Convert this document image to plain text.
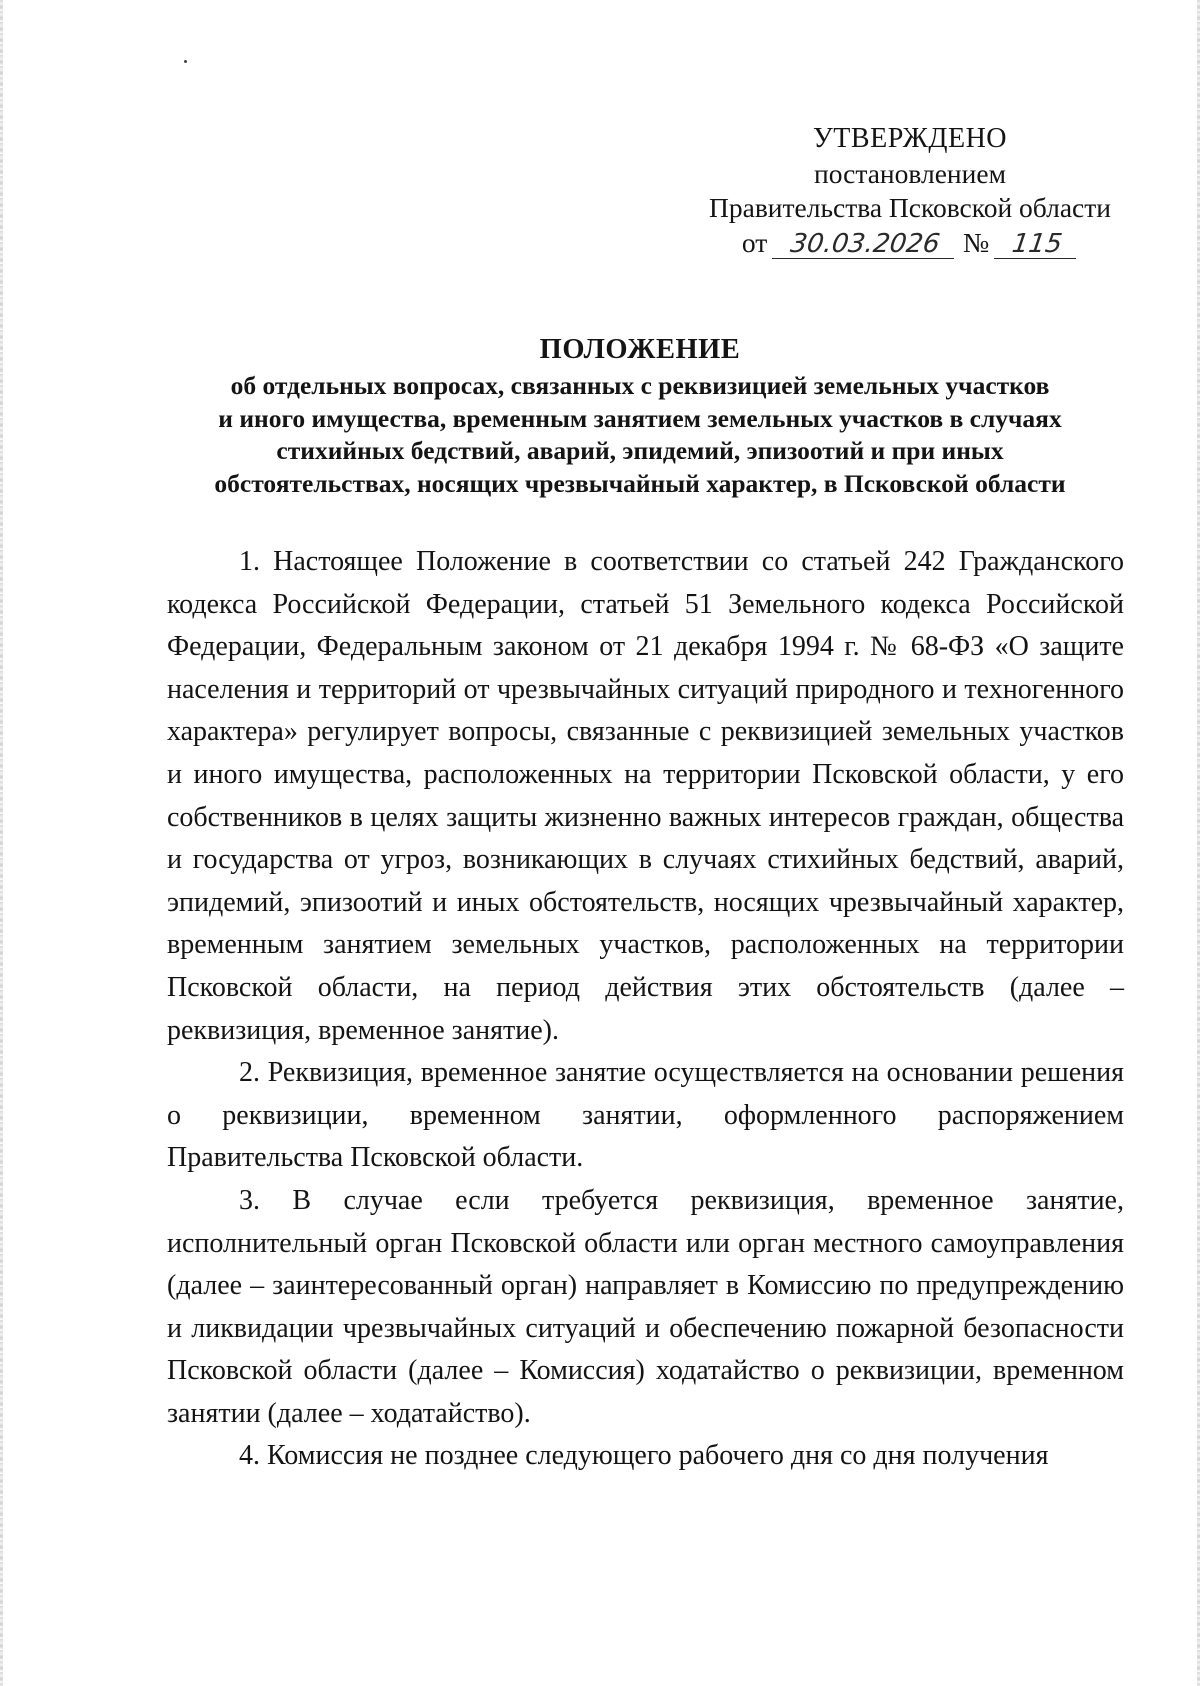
УТВЕРЖДЕНО
постановлением
Правительства Псковской области
от 30.03.2026 № 115
ПОЛОЖЕНИЕ
об отдельных вопросах, связанных с реквизицией земельных участков
и иного имущества, временным занятием земельных участков в случаях
стихийных бедствий, аварий, эпидемий, эпизоотий и при иных
обстоятельствах, носящих чрезвычайный характер, в Псковской области

1. Настоящее Положение в соответствии со статьей 242 Гражданского кодекса Российской Федерации, статьей 51 Земельного кодекса Российской Федерации, Федеральным законом от 21 декабря 1994 г. № 68-ФЗ «О защите населения и территорий от чрезвычайных ситуаций природного и техногенного характера» регулирует вопросы, связанные с реквизицией земельных участков и иного имущества, расположенных на территории Псковской области, у его собственников в целях защиты жизненно важных интересов граждан, общества и государства от угроз, возникающих в случаях стихийных бедствий, аварий, эпидемий, эпизоотий и иных обстоятельств, носящих чрезвычайный характер, временным занятием земельных участков, расположенных на территории Псковской области, на период действия этих обстоятельств (далее – реквизиция, временное занятие).

2. Реквизиция, временное занятие осуществляется на основании решения о реквизиции, временном занятии, оформленного распоряжением Правительства Псковской области.

3. В случае если требуется реквизиция, временное занятие, исполнительный орган Псковской области или орган местного самоуправления (далее – заинтересованный орган) направляет в Комиссию по предупреждению и ликвидации чрезвычайных ситуаций и обеспечению пожарной безопасности Псковской области (далее – Комиссия) ходатайство о реквизиции, временном занятии (далее – ходатайство).

4. Комиссия не позднее следующего рабочего дня со дня получения
